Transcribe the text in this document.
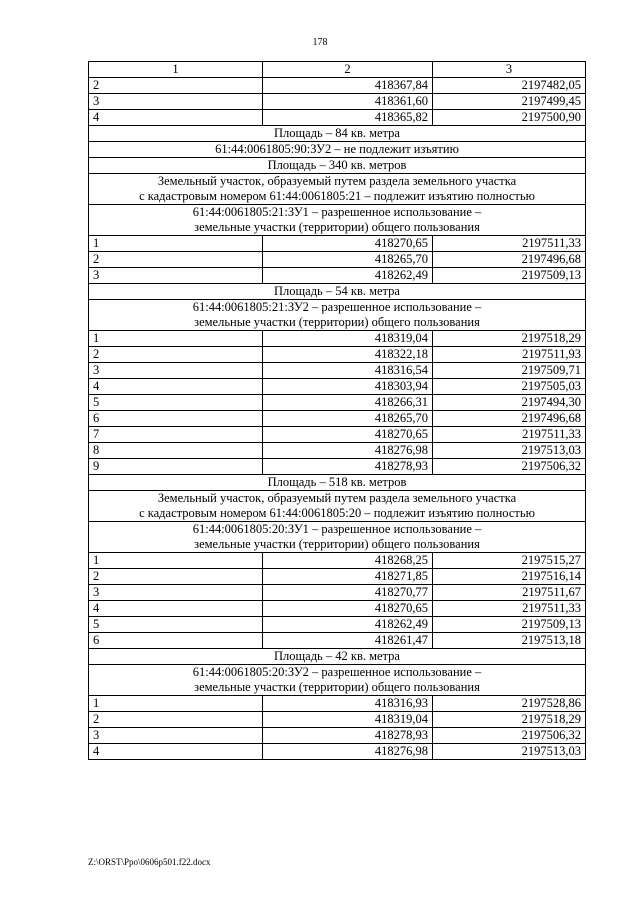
178
1	2	3
2	418367,84	2197482,05
3	418361,60	2197499,45
4	418365,82	2197500,90
Площадь – 84 кв. метра		
61:44:0061805:90:ЗУ2 – не подлежит изъятию		
Площадь – 340 кв. метров		
Земельный участок, образуемый путем раздела земельного участка
с кадастровым номером 61:44:0061805:21 – подлежит изъятию полностью		
61:44:0061805:21:ЗУ1 – разрешенное использование –
земельные участки (территории) общего пользования		
1	418270,65	2197511,33
2	418265,70	2197496,68
3	418262,49	2197509,13
Площадь – 54 кв. метра		
61:44:0061805:21:ЗУ2 – разрешенное использование –
земельные участки (территории) общего пользования		
1	418319,04	2197518,29
2	418322,18	2197511,93
3	418316,54	2197509,71
4	418303,94	2197505,03
5	418266,31	2197494,30
6	418265,70	2197496,68
7	418270,65	2197511,33
8	418276,98	2197513,03
9	418278,93	2197506,32
Площадь – 518 кв. метров		
Земельный участок, образуемый путем раздела земельного участка
с кадастровым номером 61:44:0061805:20 – подлежит изъятию полностью		
61:44:0061805:20:ЗУ1 – разрешенное использование –
земельные участки (территории) общего пользования		
1	418268,25	2197515,27
2	418271,85	2197516,14
3	418270,77	2197511,67
4	418270,65	2197511,33
5	418262,49	2197509,13
6	418261,47	2197513,18
Площадь – 42 кв. метра		
61:44:0061805:20:ЗУ2 – разрешенное использование –
земельные участки (территории) общего пользования		
1	418316,93	2197528,86
2	418319,04	2197518,29
3	418278,93	2197506,32
4	418276,98	2197513,03
Z:\ORST\Ppo\0606p501.f22.docx
